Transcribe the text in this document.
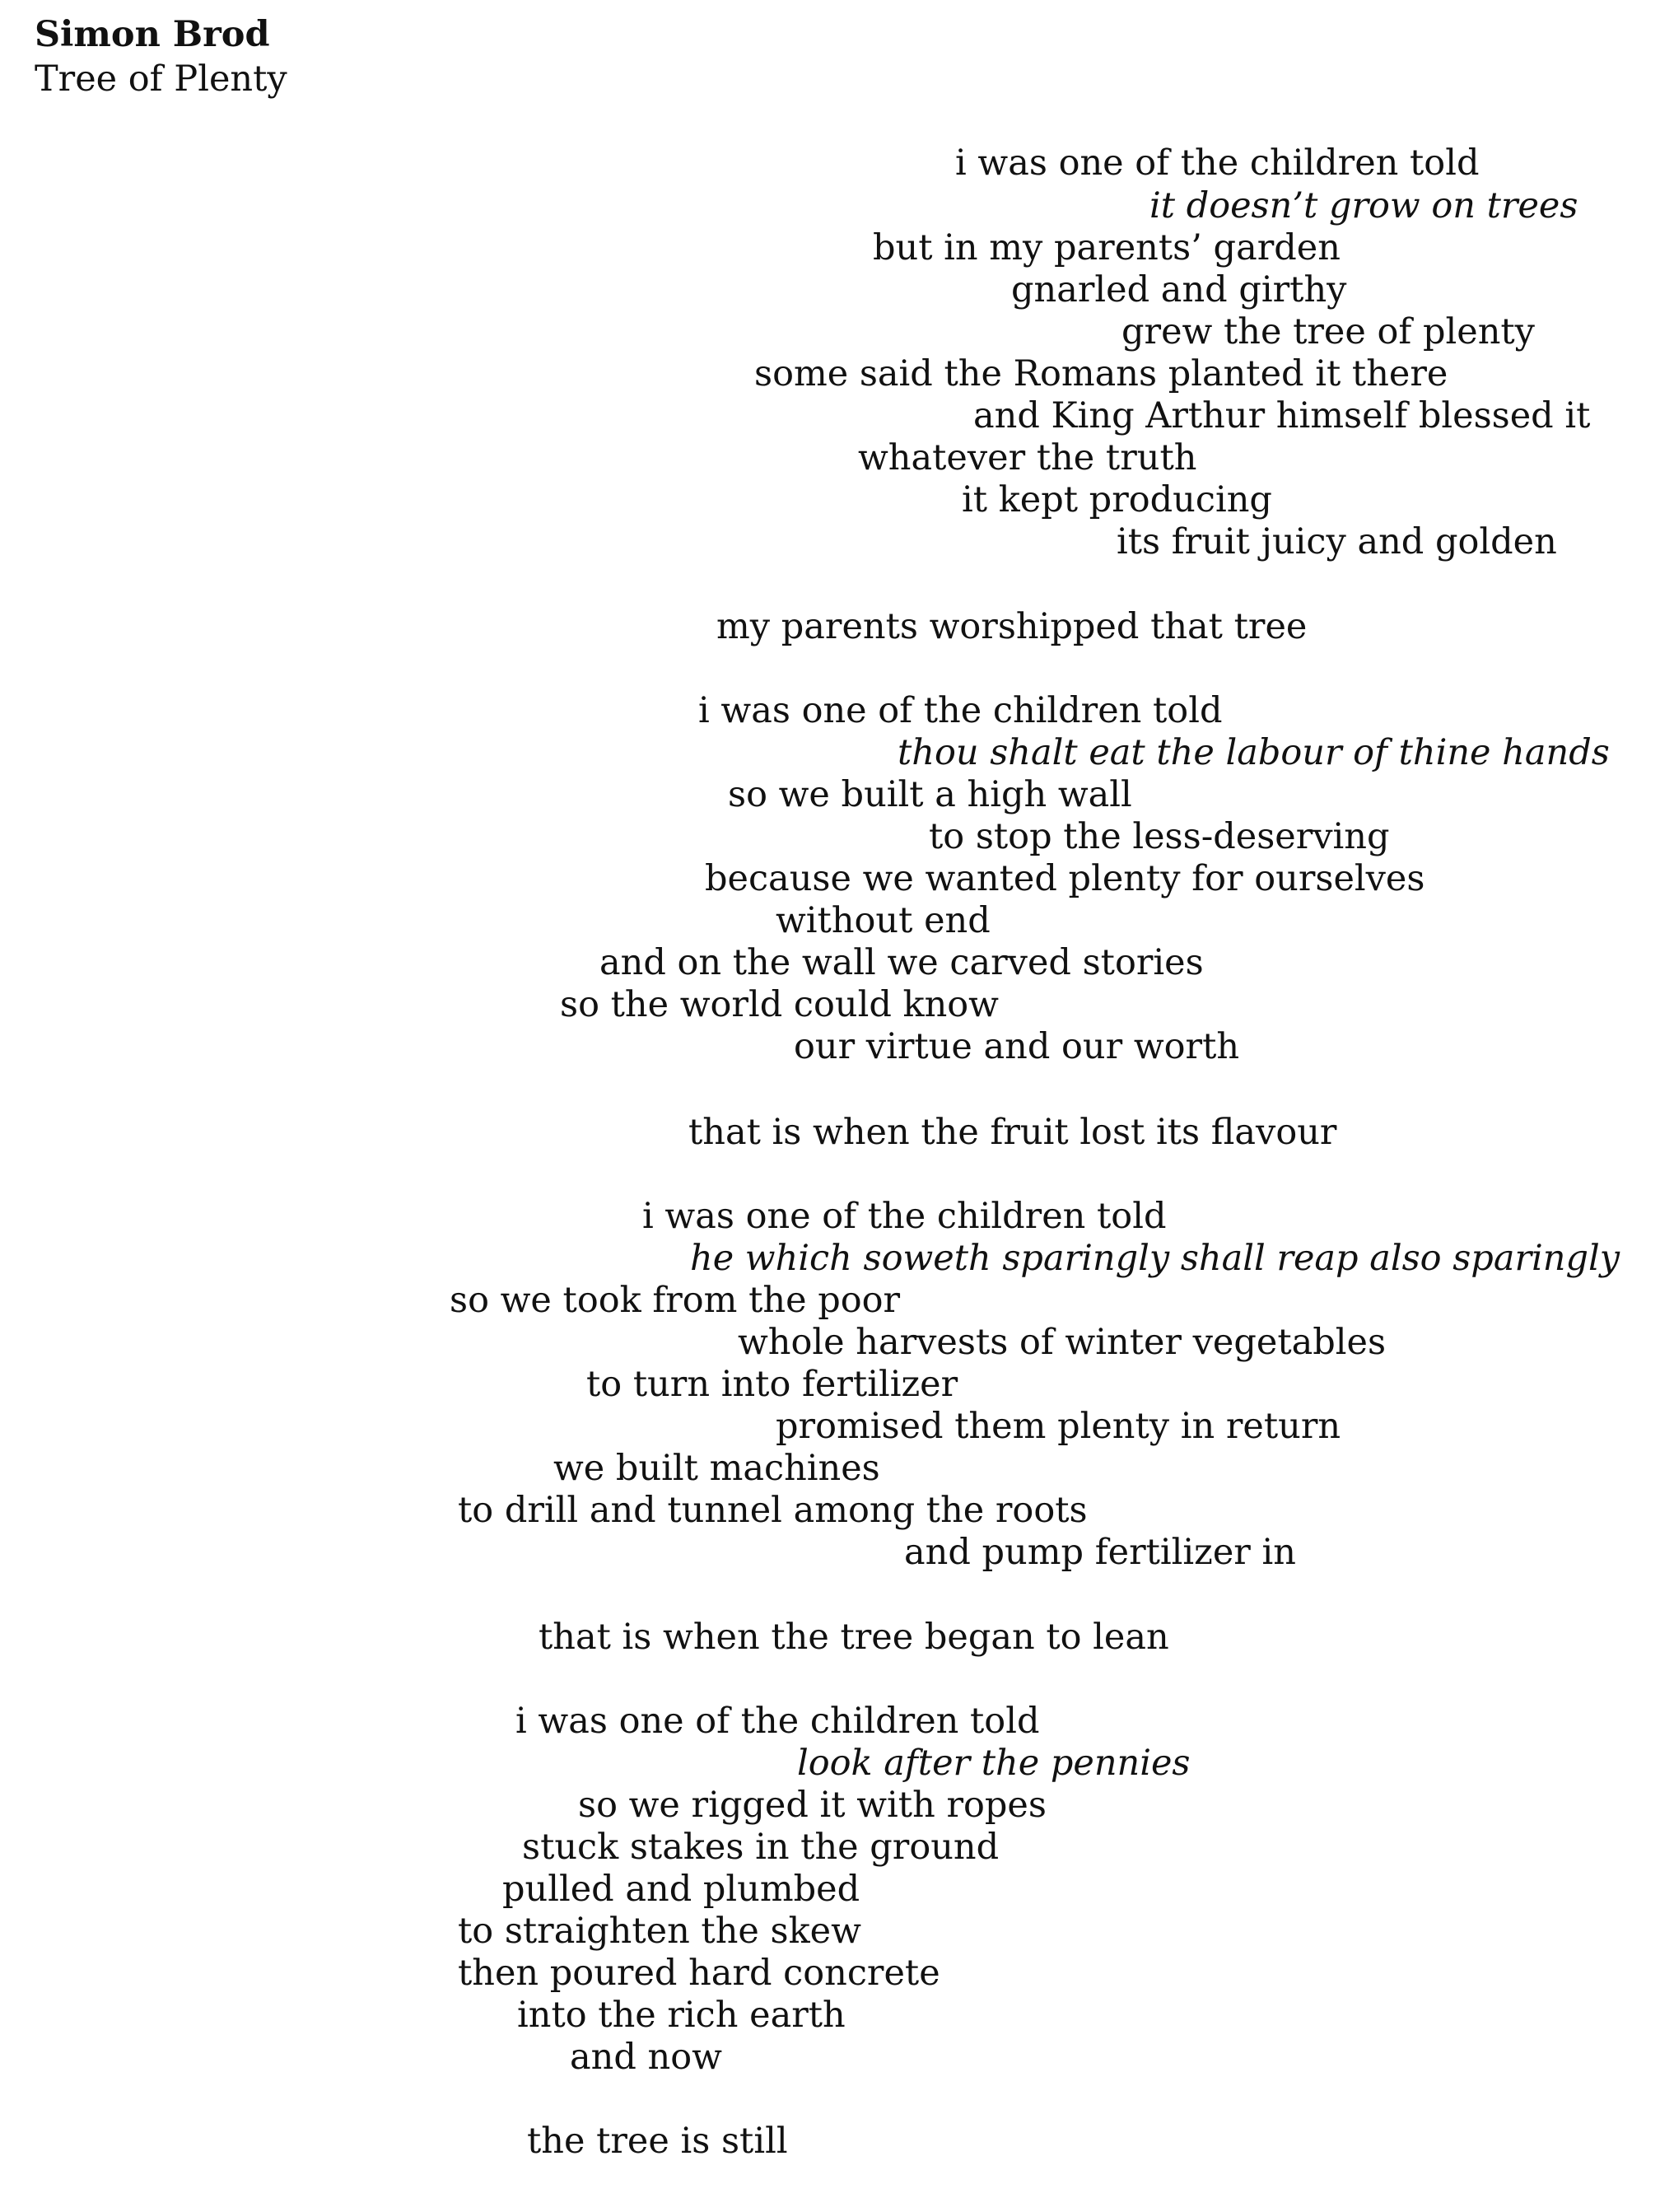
Simon Brod
Tree of Plenty

i was one of the children told

it doesn’t grow on trees

but in my parents’ garden

gnarled and girthy

grew the tree of plenty

some said the Romans planted it there

and King Arthur himself blessed it

whatever the truth

it kept producing

its fruit juicy and golden

my parents worshipped that tree

i was one of the children told

thou shalt eat the labour of thine hands

so we built a high wall

to stop the less-deserving

because we wanted plenty for ourselves

without end

and on the wall we carved stories

so the world could know

our virtue and our worth

that is when the fruit lost its flavour

i was one of the children told

he which soweth sparingly shall reap also sparingly

so we took from the poor

whole harvests of winter vegetables

to turn into fertilizer

promised them plenty in return

we built machines

to drill and tunnel among the roots

and pump fertilizer in

that is when the tree began to lean

i was one of the children told

look after the pennies

so we rigged it with ropes

stuck stakes in the ground

pulled and plumbed

to straighten the skew

then poured hard concrete

into the rich earth

and now

the tree is still
